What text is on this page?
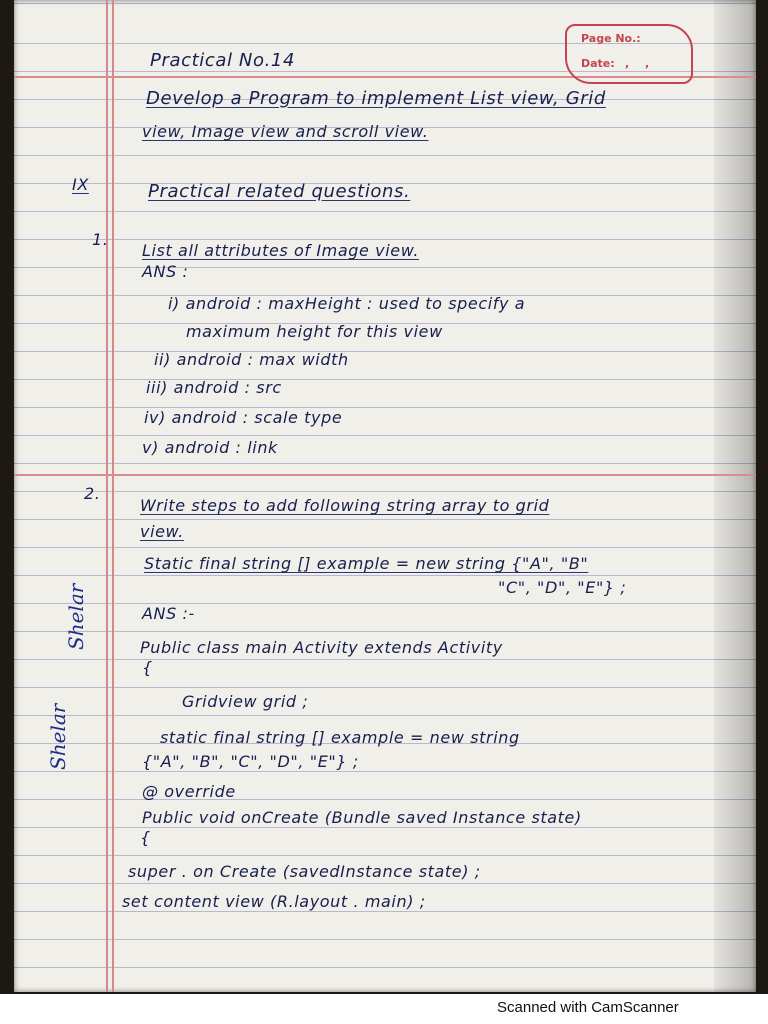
Page No.:
Date: , ,
Practical No.14
Develop a Program to implement List view, Grid
view, Image view and scroll view.
IX	Practical related questions.
1.
List all attributes of Image view.
ANS :
i) android : maxHeight : used to specify a
maximum height for this view
ii) android : max width
iii) android : src
iv) android : scale type
v) android : link
2.
Write steps to add following string array to grid
view.
Static final string [] example = new string {"A", "B"
"C", "D", "E"} ;
ANS :-
Public class main Activity extends Activity
{
Gridview grid ;
static final string [] example = new string
{"A", "B", "C", "D", "E"} ;
@ override
Public void onCreate (Bundle saved Instance state)
{
super . on Create (savedInstance state) ;
set content view (R.layout . main) ;
Shelar
Shelar
Scanned with CamScanner
